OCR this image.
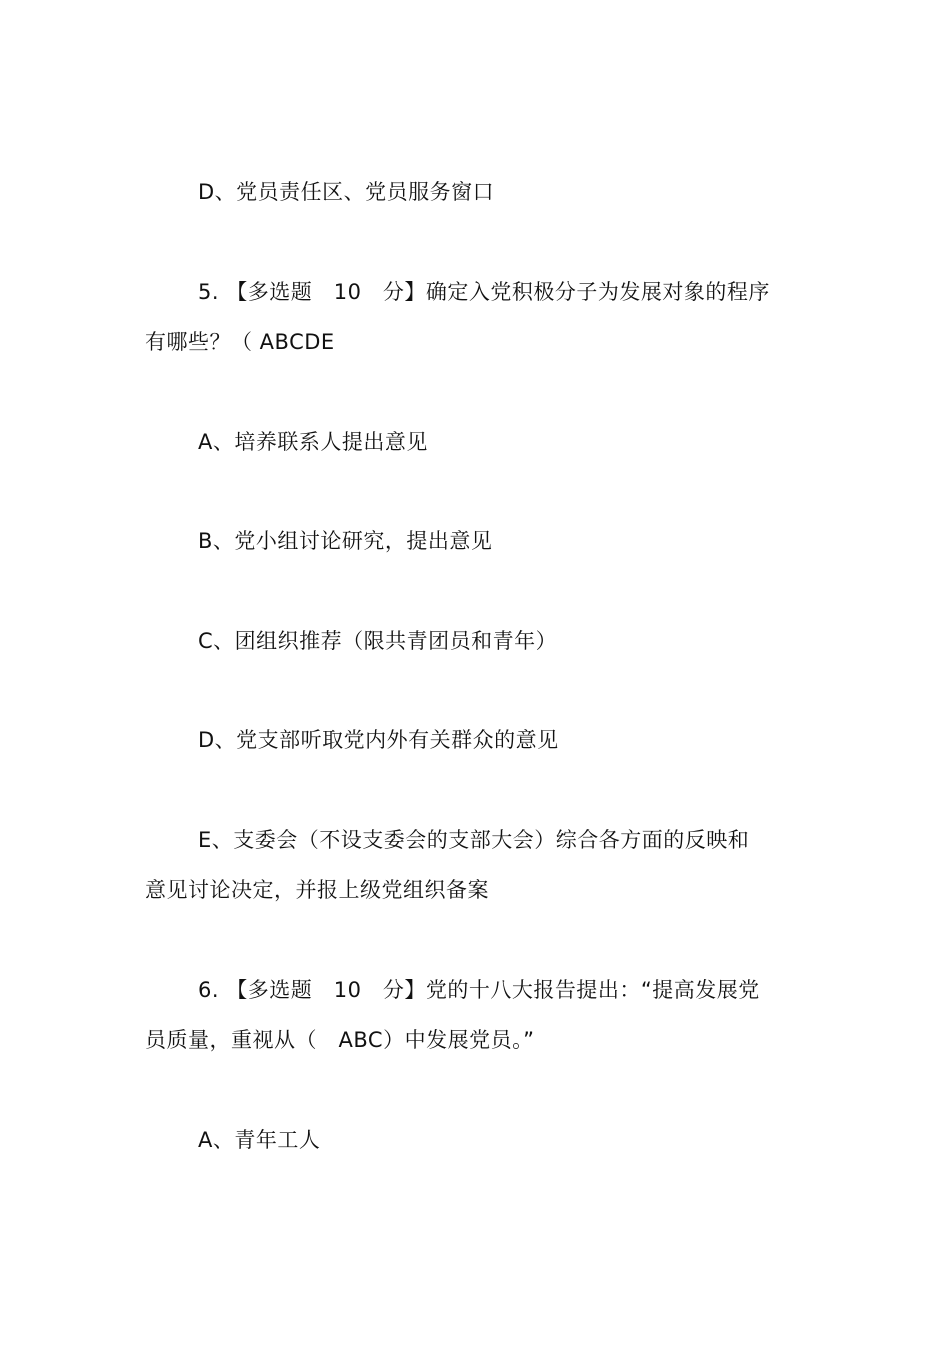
D、党员责任区、党员服务窗口
5. 【多选题　10　分】确定入党积极分子为发展对象的程序
有哪些？（ ABCDE
A、培养联系人提出意见
B、党小组讨论研究，提出意见
C、团组织推荐（限共青团员和青年）
D、党支部听取党内外有关群众的意见
E、支委会（不设支委会的支部大会）综合各方面的反映和
意见讨论决定，并报上级党组织备案
6. 【多选题　10　分】党的十八大报告提出：“提高发展党
员质量，重视从（　ABC）中发展党员。”
A、青年工人
